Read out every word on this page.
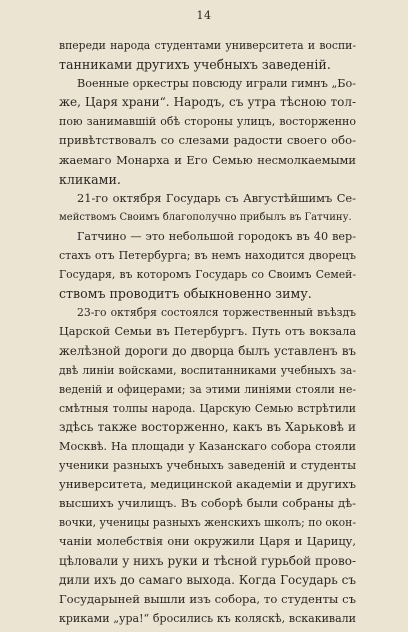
14
впереди народа студентами университета и воспи-
танниками другихъ учебныхъ заведенiй.
Военные оркестры повсюду играли гимнъ „Бо-
же, Царя храни“. Народъ, съ утра тѣсною тол-
пою занимавшiй обѣ стороны улицъ, восторженно
привѣтствовалъ со слезами радости своего обо-
жаемаго Монарха и Его Семью несмолкаемыми
кликами.
21-го октября Государь съ Августѣйшимъ Се-
мействомъ Своимъ благополучно прибылъ въ Гатчину.
Гатчино — это небольшой городокъ въ 40 вер-
стахъ отъ Петербурга; въ немъ находится дворецъ
Государя, въ которомъ Государь со Своимъ Семей-
ствомъ проводитъ обыкновенно зиму.
23-го октября состоялся торжественный въѣздъ
Царской Семьи въ Петербургъ. Путь отъ вокзала
желѣзной дороги до дворца былъ уставленъ въ
двѣ линiи войсками, воспитанниками учебныхъ за-
веденiй и офицерами; за этими линiями стояли не-
смѣтныя толпы народа. Царскую Семью встрѣтили
здѣсь также восторженно, какъ въ Харьковѣ и
Москвѣ. На площади у Казанскаго собора стояли
ученики разныхъ учебныхъ заведенiй и студенты
университета, медицинской академiи и другихъ
высшихъ училищъ. Въ соборѣ были собраны дѣ-
вочки, ученицы разныхъ женскихъ школъ; по окон-
чанiи молебствiя они окружили Царя и Царицу,
цѣловали у нихъ руки и тѣсной гурьбой прово-
дили ихъ до самаго выхода. Когда Государь съ
Государыней вышли изъ собора, то студенты съ
криками „ура!“ бросились къ коляскѣ, вскакивали
